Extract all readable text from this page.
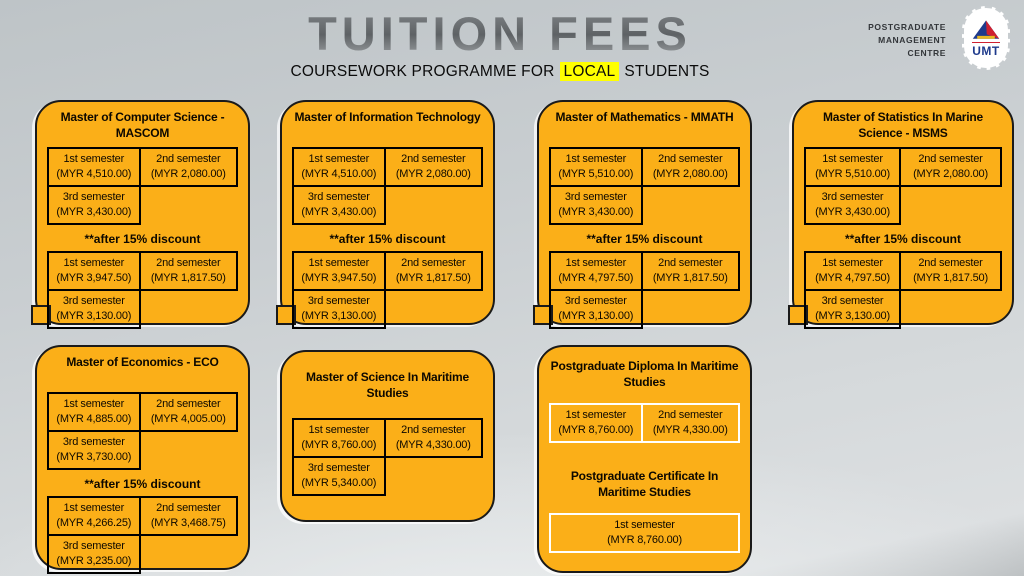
TUITION FEES
COURSEWORK PROGRAMME FOR LOCAL STUDENTS
POSTGRADUATE
MANAGEMENT
CENTRE UMT
Master of Computer Science - MASCOM
1st semester
(MYR 4,510.00)
2nd semester
(MYR 2,080.00)
3rd semester
(MYR 3,430.00)
**after 15% discount
1st semester
(MYR 3,947.50)
2nd semester
(MYR 1,817.50)
3rd semester
(MYR 3,130.00)
Master of Information Technology
1st semester
(MYR 4,510.00)
2nd semester
(MYR 2,080.00)
3rd semester
(MYR 3,430.00)
**after 15% discount
1st semester
(MYR 3,947.50)
2nd semester
(MYR 1,817.50)
3rd semester
(MYR 3,130.00)
Master of Mathematics - MMATH
1st semester
(MYR 5,510.00)
2nd semester
(MYR 2,080.00)
3rd semester
(MYR 3,430.00)
**after 15% discount
1st semester
(MYR 4,797.50)
2nd semester
(MYR 1,817.50)
3rd semester
(MYR 3,130.00)
Master of Statistics In Marine Science - MSMS
1st semester
(MYR 5,510.00)
2nd semester
(MYR 2,080.00)
3rd semester
(MYR 3,430.00)
**after 15% discount
1st semester
(MYR 4,797.50)
2nd semester
(MYR 1,817.50)
3rd semester
(MYR 3,130.00)
Master of Economics - ECO
1st semester
(MYR 4,885.00)
2nd semester
(MYR 4,005.00)
3rd semester
(MYR 3,730.00)
**after 15% discount
1st semester
(MYR 4,266.25)
2nd semester
(MYR 3,468.75)
3rd semester
(MYR 3,235.00)
Master of Science In Maritime Studies
1st semester
(MYR 8,760.00)
2nd semester
(MYR 4,330.00)
3rd semester
(MYR 5,340.00)
Postgraduate Diploma In Maritime Studies
1st semester
(MYR 8,760.00)
2nd semester
(MYR 4,330.00)
Postgraduate Certificate In Maritime Studies
1st semester
(MYR 8,760.00)
